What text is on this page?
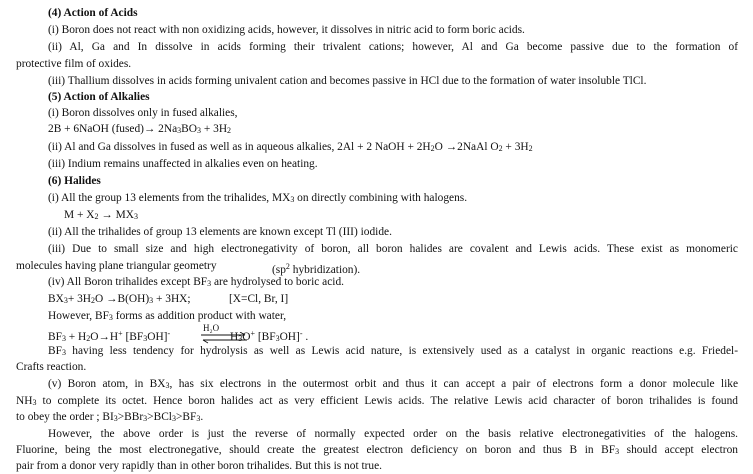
(4) Action of Acids
(i) Boron does not react with non oxidizing acids, however, it dissolves in nitric acid to form boric acids.
(ii) Al, Ga and In dissolve in acids forming their trivalent cations; however, Al and Ga become passive due to the formation of
protective film of oxides.
(iii) Thallium dissolves in acids forming univalent cation and becomes passive in HCl due to the formation of water insoluble TlCl.
(5) Action of Alkalies
(i) Boron dissolves only in fused alkalies,
2B + 6NaOH (fused)→ 2Na3BO3 + 3H2
(ii) Al and Ga dissolves in fused as well as in aqueous alkalies, 2Al + 2 NaOH + 2H2O →2NaAl O2 + 3H2
(iii) Indium remains unaffected in alkalies even on heating.
(6) Halides
(i) All the group 13 elements from the trihalides, MX3 on directly combining with halogens.
M + X2 → MX3
(ii) All the trihalides of group 13 elements are known except Tl (III) iodide.
(iii) Due to small size and high electronegativity of boron, all boron halides are covalent and Lewis acids. These exist as monomeric
molecules having plane triangular geometry	($sp^2$ hybridization).
(iv) All Boron trihalides except BF3 are hydrolysed to boric acid.
BX3+ 3H2O →B(OH)3 + 3HX;	[X=Cl, Br, I]
However, BF3 forms as addition product with water,
BF3 + H2O→H+ [BF3OH]-
H₂O
H3O+ [BF3OH]- .
BF3 having less tendency for hydrolysis as well as Lewis acid nature, is extensively used as a catalyst in organic reactions e.g. Friedel-
Crafts reaction.
(v) Boron atom, in BX3, has six electrons in the outermost orbit and thus it can accept a pair of electrons form a donor molecule like
NH3 to complete its octet. Hence boron halides act as very efficient Lewis acids. The relative Lewis acid character of boron trihalides is found
to obey the order ; BI3>BBr3>BCl3>BF3.
However, the above order is just the reverse of normally expected order on the basis relative electronegativities of the halogens.
Fluorine, being the most electronegative, should create the greatest electron deficiency on boron and thus B in BF3 should accept electron
pair from a donor very rapidly than in other boron trihalides. But this is not true.
